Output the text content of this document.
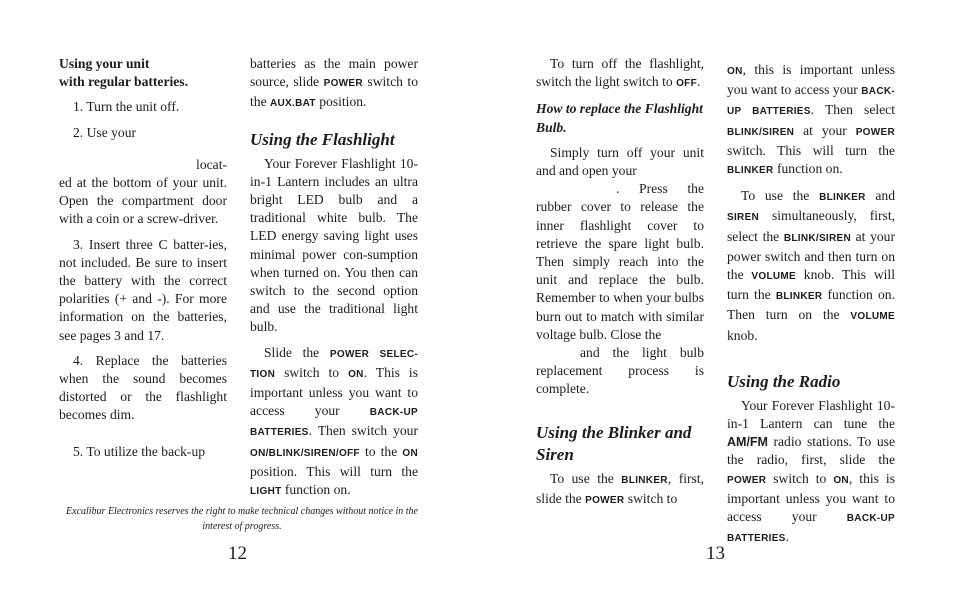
Using your unit
with regular batteries.

1. Turn the unit off.

2. Use your

locat-

ed at the bottom of your unit. Open the compartment door with a coin or a screw-driver.

3. Insert three C batter-ies, not included. Be sure to insert the battery with the correct polarities (+ and -). For more information on the batteries, see pages 3 and 17.

4. Replace the batteries when the sound becomes distorted or the flashlight becomes dim.

5. To utilize the back-up

batteries as the main power source, slide POWER switch to the AUX.BAT position.

Using the Flashlight

Your Forever Flashlight 10-in-1 Lantern includes an ultra bright LED bulb and a traditional white bulb. The LED energy saving light uses minimal power con-sumption when turned on. You then can switch to the second option and use the traditional light bulb.

Slide the POWER SELEC-TION switch to ON. This is important unless you want to access your	BACK-UP BATTERIES. Then switch your ON/BLINK/SIREN/OFF to the ON position. This will turn the LIGHT function on.

Excalibur Electronics reserves the right to make technical changes without notice in the interest of progress.
12

To turn off the flashlight, switch the light switch to OFF.

How to replace the Flashlight Bulb.

Simply turn off your unit and and open your
. Press the rubber cover to release the inner flashlight cover to retrieve the spare light bulb. Then simply reach into the unit and replace the bulb. Remember to when your bulbs burn out to match with similar voltage bulb. Close the
and the light bulb replacement process is complete.

Using the Blinker and Siren

To use the BLINKER, first, slide the POWER switch to

ON, this is important unless you want to access your BACK-UP BATTERIES. Then select BLINK/SIREN at your POWER switch. This will turn the BLINKER function on.

To use the BLINKER and SIREN simultaneously, first, select the BLINK/SIREN at your power switch and then turn on the VOLUME knob. This will turn the BLINKER function on. Then turn on the VOLUME knob.

Using the Radio

Your Forever Flashlight 10-in-1 Lantern can tune the AM/FM radio stations. To use the radio, first, slide the POWER switch to ON, this is important unless you want to access your	BACK-UP BATTERIES.

13
